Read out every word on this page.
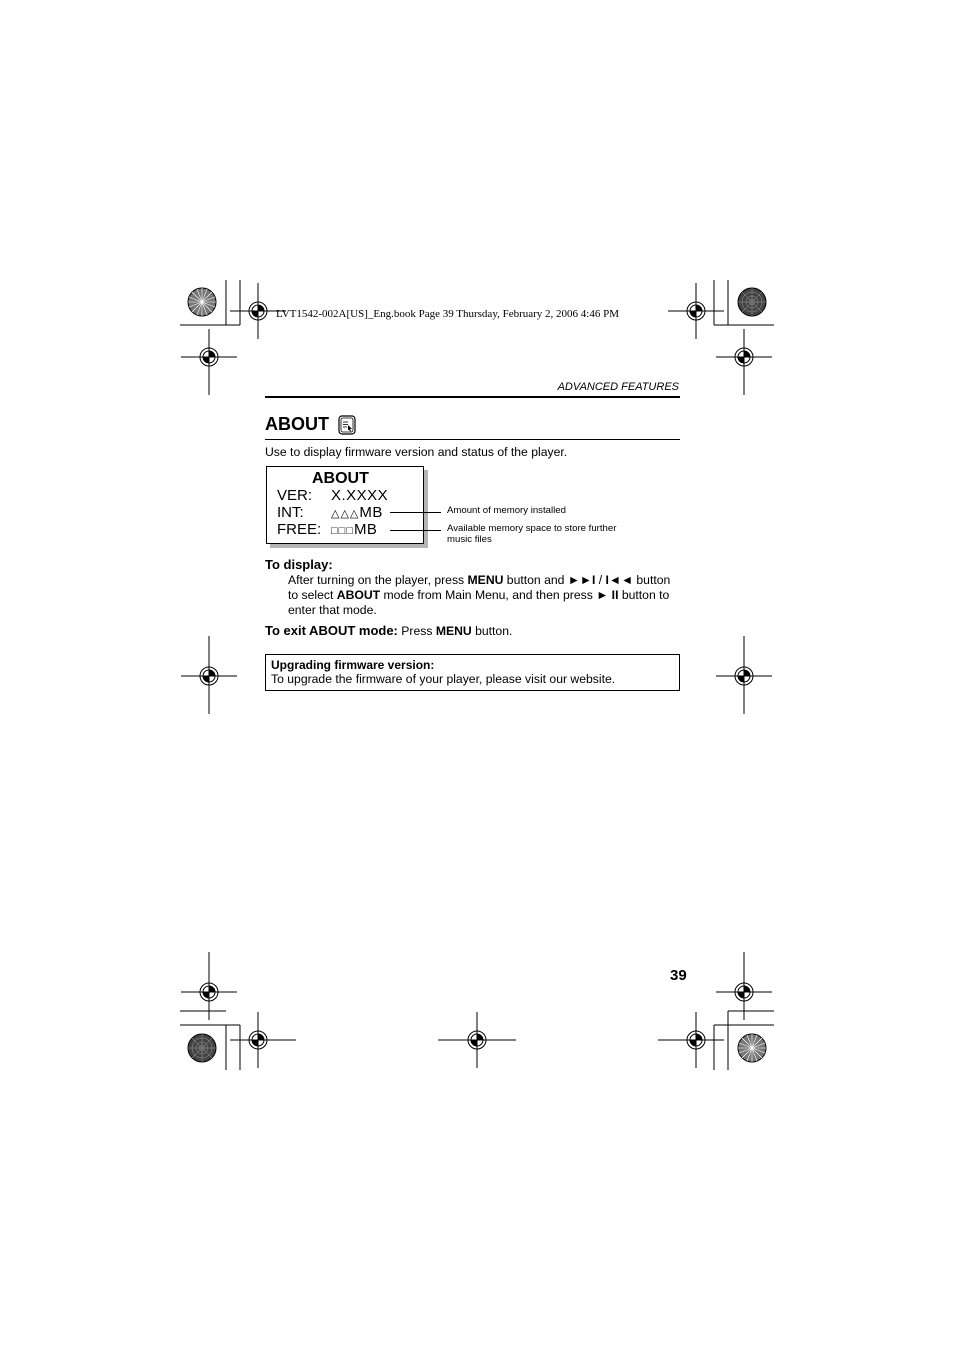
LVT1542-002A[US]_Eng.book Page 39 Thursday, February 2, 2006 4:46 PM
ADVANCED FEATURES
ABOUT
Use to display firmware version and status of the player.
ABOUT
VER: X.XXXX
INT: △△△MB
FREE: □□□MB
Amount of memory installed
Available memory space to store further music files
To display:
After turning on the player, press MENU button and ►►I / I◄◄ button to select ABOUT mode from Main Menu, and then press ► II button to enter that mode.
To exit ABOUT mode: Press MENU button.
Upgrading firmware version:
To upgrade the firmware of your player, please visit our website.
39
